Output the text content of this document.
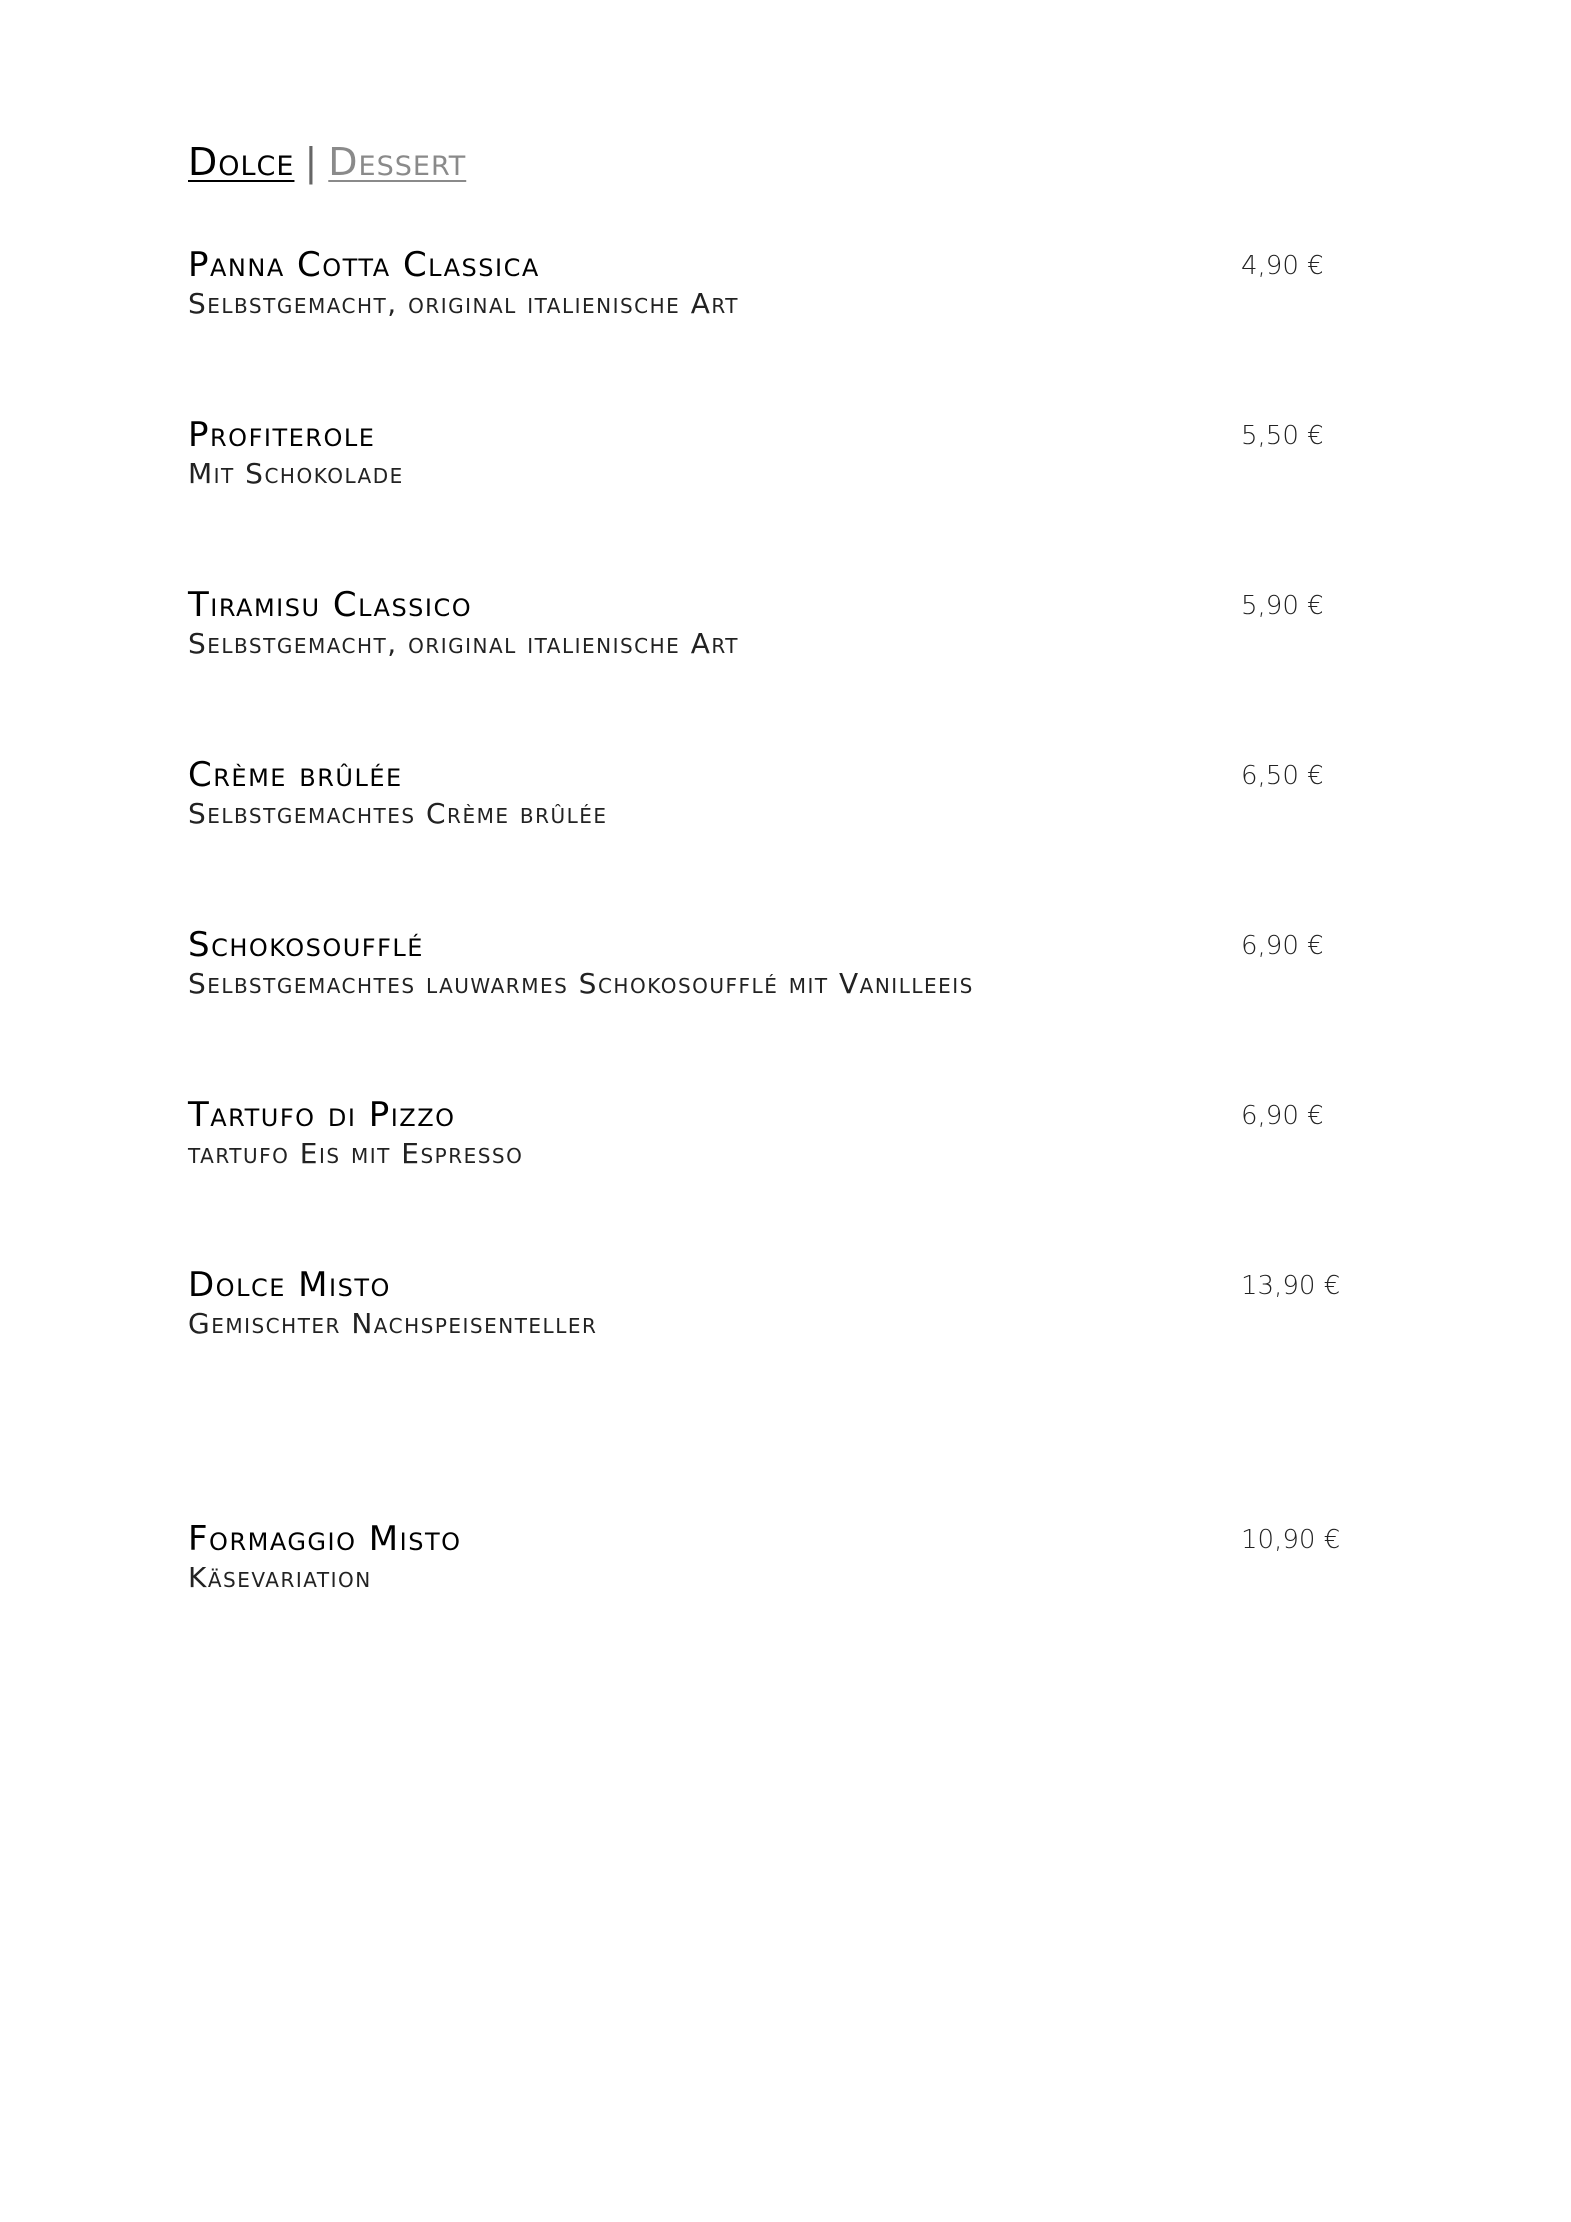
Dolce | Dessert
Panna Cotta Classica
Selbstgemacht, original italienische Art
4,90 €
Profiterole
Mit Schokolade
5,50 €
Tiramisu Classico
Selbstgemacht, original italienische Art
5,90 €
Crème brûlée
Selbstgemachtes Crème brûlée
6,50 €
Schokosoufflé
Selbstgemachtes lauwarmes Schokosoufflé mit Vanilleeis
6,90 €
Tartufo di Pizzo
tartufo Eis mit Espresso
6,90 €
Dolce Misto
Gemischter Nachspeisenteller
13,90 €
Formaggio Misto
Käsevariation
10,90 €
